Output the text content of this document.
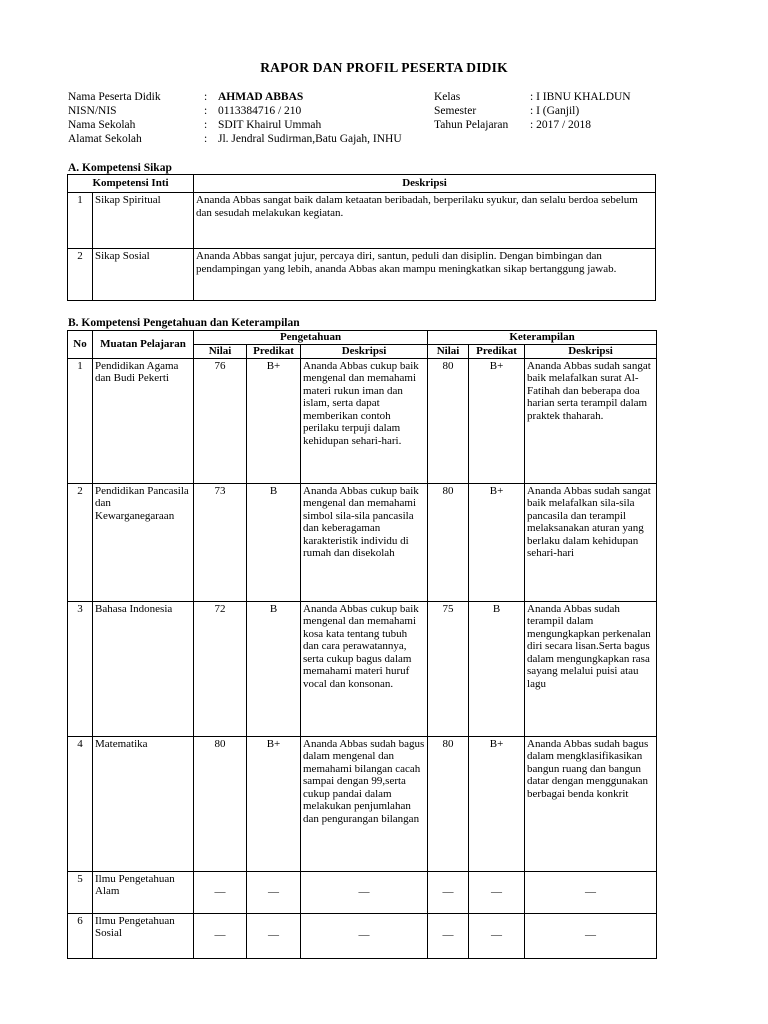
RAPOR DAN PROFIL PESERTA DIDIK
Nama Peserta Didik	: AHMAD ABBAS
NISN/NIS	: 0113384716 / 210
Nama Sekolah	: SDIT Khairul Ummah
Alamat Sekolah	: Jl. Jendral Sudirman,Batu Gajah, INHU
Kelas	: I IBNU KHALDUN
Semester	: I (Ganjil)
Tahun Pelajaran : 2017 / 2018
A. Kompetensi Sikap
Kompetensi Inti		Deskripsi
1	Sikap Spiritual	Ananda Abbas sangat baik dalam ketaatan beribadah, berperilaku syukur, dan selalu berdoa sebelum dan sesudah melakukan kegiatan.
2	Sikap Sosial	Ananda Abbas sangat jujur, percaya diri, santun, peduli dan disiplin. Dengan bimbingan dan pendampingan yang lebih, ananda Abbas akan mampu meningkatkan sikap bertanggung jawab.
B. Kompetensi Pengetahuan dan Keterampilan
No	Muatan Pelajaran	Pengetahuan			Keterampilan		
		Nilai	Predikat	Deskripsi	Nilai	Predikat	Deskripsi
1	Pendidikan Agama dan Budi Pekerti	76	B+	Ananda Abbas cukup baik mengenal dan memahami materi rukun iman dan islam, serta dapat memberikan contoh perilaku terpuji dalam kehidupan sehari-hari.	80	B+	Ananda Abbas sudah sangat baik melafalkan surat Al-Fatihah dan beberapa doa harian serta terampil dalam praktek thaharah.
2	Pendidikan Pancasila dan Kewarganegaraan	73	B	Ananda Abbas cukup baik mengenal dan memahami simbol sila-sila pancasila dan keberagaman karakteristik individu di rumah dan disekolah	80	B+	Ananda Abbas sudah sangat baik melafalkan sila-sila pancasila dan terampil melaksanakan aturan yang berlaku dalam kehidupan sehari-hari
3	Bahasa Indonesia	72	B	Ananda Abbas cukup baik mengenal dan memahami kosa kata tentang tubuh dan cara perawatannya, serta cukup bagus dalam memahami materi huruf vocal dan konsonan.	75	B	Ananda Abbas sudah terampil dalam mengungkapkan perkenalan diri secara lisan.Serta bagus dalam mengungkapkan rasa sayang melalui puisi atau lagu
4	Matematika	80	B+	Ananda Abbas sudah bagus dalam mengenal dan memahami bilangan cacah sampai dengan 99,serta cukup pandai dalam melakukan penjumlahan dan pengurangan bilangan	80	B+	Ananda Abbas sudah bagus dalam mengklasifikasikan bangun ruang dan bangun datar dengan menggunakan berbagai benda konkrit
5	Ilmu Pengetahuan Alam	—	—	—	—	—	—
6	Ilmu Pengetahuan Sosial	—	—	—	—	—	—
